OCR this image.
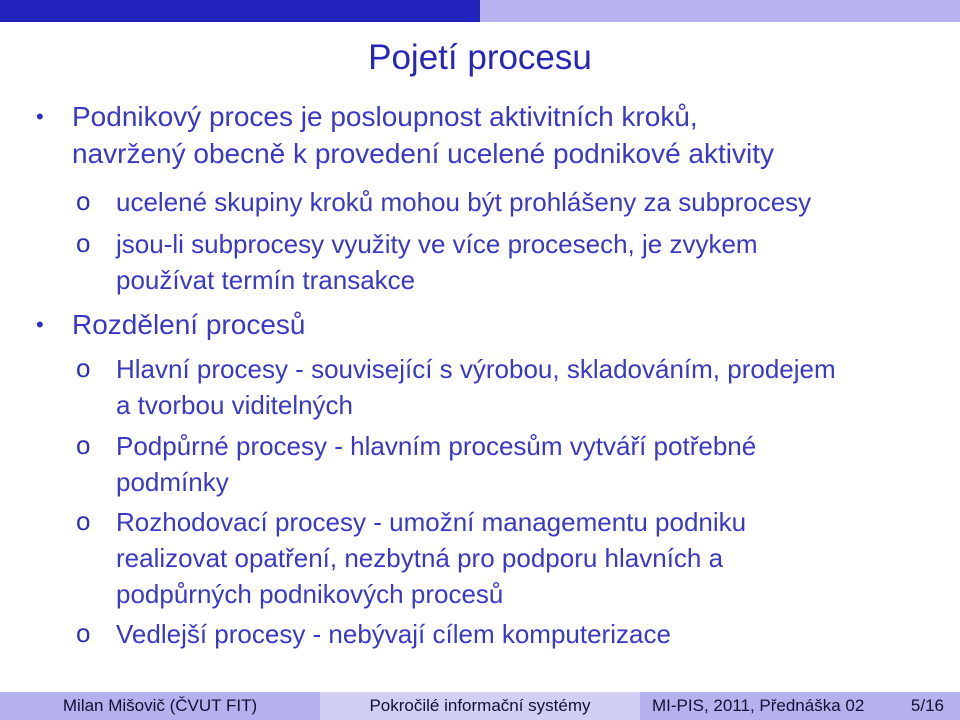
Pojetí procesu
• Podnikový proces je posloupnost aktivitních kroků,
navržený obecně k provedení ucelené podnikové aktivity
o ucelené skupiny kroků mohou být prohlášeny za subprocesy
o jsou-li subprocesy využity ve více procesech, je zvykem
používat termín transakce
• Rozdělení procesů
o Hlavní procesy - související s výrobou, skladováním, prodejem
a tvorbou viditelných
o Podpůrné procesy - hlavním procesům vytváří potřebné
podmínky
o Rozhodovací procesy - umožní managementu podniku
realizovat opatření, nezbytná pro podporu hlavních a
podpůrných podnikových procesů
o Vedlejší procesy - nebývají cílem komputerizace
Milan Mišovič (ČVUT FIT)	Pokročilé informační systémy	MI-PIS, 2011, Přednáška 02	5/16
